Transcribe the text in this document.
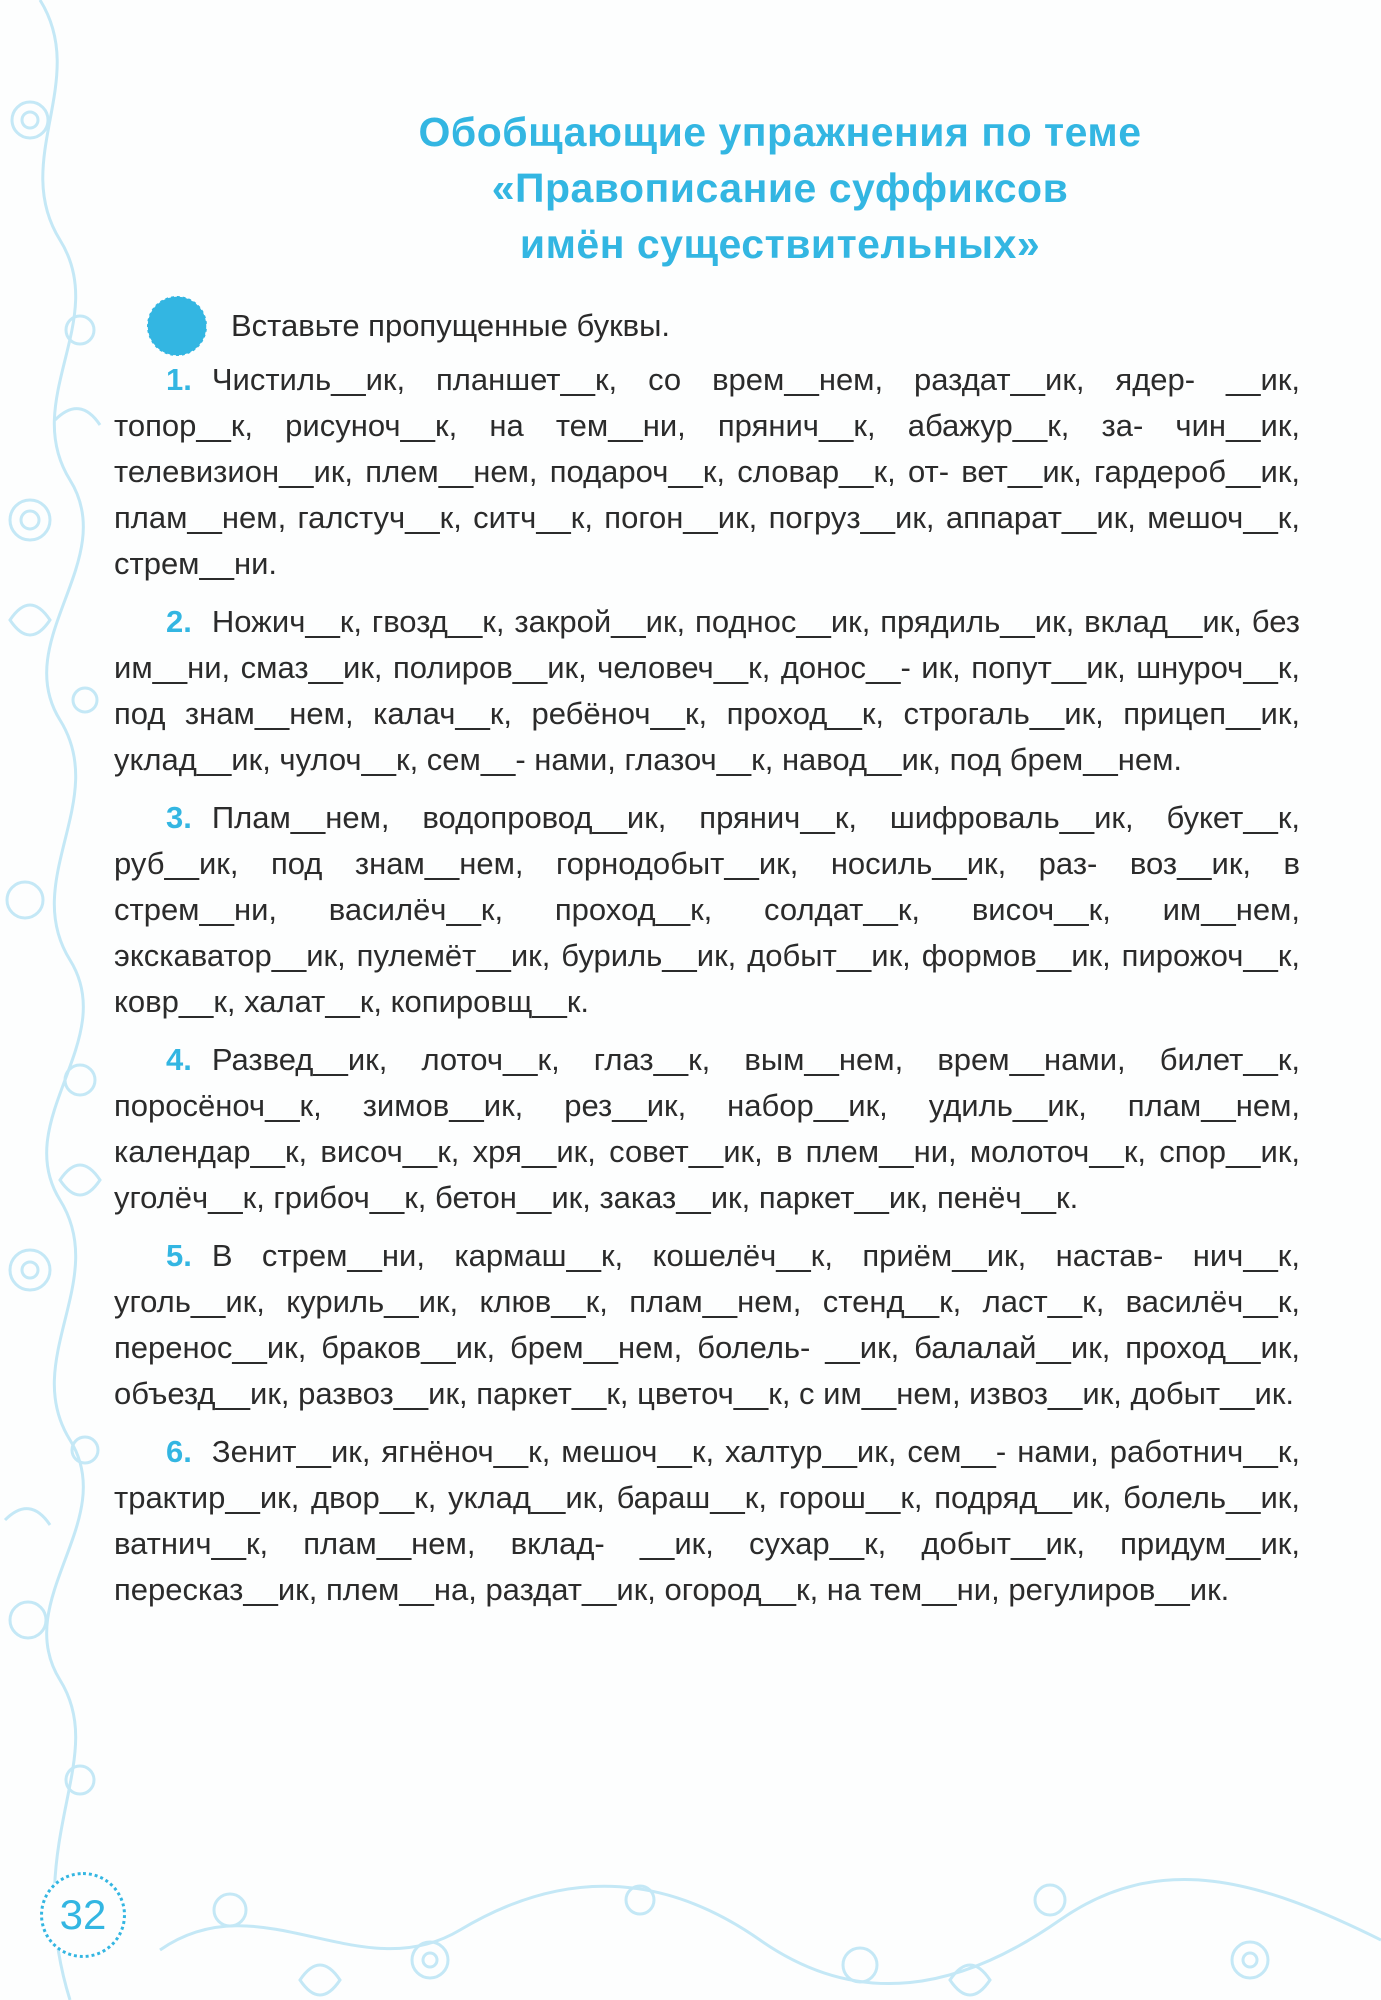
Обобщающие упражнения по теме
«Правописание суффиксов
имён существительных»
Вставьте пропущенные буквы.

1. Чистиль__ик, планшет__к, со врем__нем, раздат__ик, ядер- __ик, топор__к, рисуноч__к, на тем__ни, прянич__к, абажур__к, за- чин__ик, телевизион__ик, плем__нем, подароч__к, словар__к, от- вет__ик, гардероб__ик, плам__нем, галстуч__к, ситч__к, погон__ик, погруз__ик, аппарат__ик, мешоч__к, стрем__ни.

2. Ножич__к, гвозд__к, закрой__ик, поднос__ик, прядиль__ик, вклад__ик, без им__ни, смаз__ик, полиров__ик, человеч__к, донос__- ик, попут__ик, шнуроч__к, под знам__нем, калач__к, ребёноч__к, проход__к, строгаль__ик, прицеп__ик, уклад__ик, чулоч__к, сем__- нами, глазоч__к, навод__ик, под брем__нем.

3. Плам__нем, водопровод__ик, прянич__к, шифроваль__ик, букет__к, руб__ик, под знам__нем, горнодобыт__ик, носиль__ик, раз- воз__ик, в стрем__ни, василёч__к, проход__к, солдат__к, височ__к, им__нем, экскаватор__ик, пулемёт__ик, буриль__ик, добыт__ик, формов__ик, пирожоч__к, ковр__к, халат__к, копировщ__к.

4. Развед__ик, лоточ__к, глаз__к, вым__нем, врем__нами, билет__к, поросёноч__к, зимов__ик, рез__ик, набор__ик, удиль__ик, плам__нем, календар__к, височ__к, хря__ик, совет__ик, в плем__ни, молоточ__к, спор__ик, уголёч__к, грибоч__к, бетон__ик, заказ__ик, паркет__ик, пенёч__к.

5. В стрем__ни, кармаш__к, кошелёч__к, приём__ик, настав- нич__к, уголь__ик, куриль__ик, клюв__к, плам__нем, стенд__к, ласт__к, василёч__к, перенос__ик, браков__ик, брем__нем, болель- __ик, балалай__ик, проход__ик, объезд__ик, развоз__ик, паркет__к, цветоч__к, с им__нем, извоз__ик, добыт__ик.

6. Зенит__ик, ягнёноч__к, мешоч__к, халтур__ик, сем__- нами, работнич__к, трактир__ик, двор__к, уклад__ик, бараш__к, горош__к, подряд__ик, болель__ик, ватнич__к, плам__нем, вклад- __ик, сухар__к, добыт__ик, придум__ик, пересказ__ик, плем__на, раздат__ик, огород__к, на тем__ни, регулиров__ик.

32
